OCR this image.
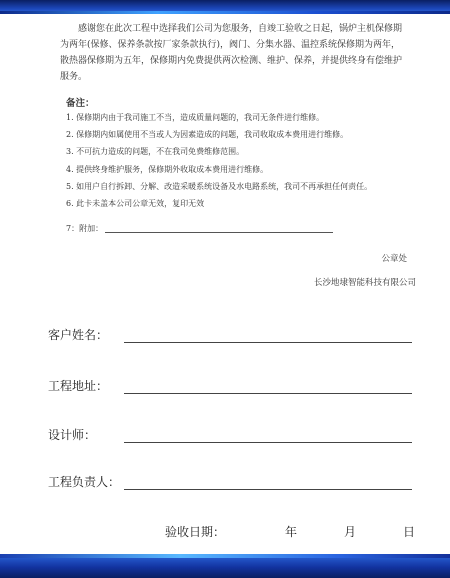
感谢您在此次工程中选择我们公司为您服务，自竣工验收之日起，锅炉主机保修期为两年(保修、保养条款按厂家条款执行)，阀门、分集水器、温控系统保修期为两年，散热器保修期为五年，保修期内免费提供两次检测、维护、保养，并提供终身有偿维护服务。

备注：

1. 保修期内由于我司施工不当，造成质量问题的，我司无条件进行维修。
2. 保修期内如属使用不当或人为因素造成的问题，我司收取成本费用进行维修。
3. 不可抗力造成的问题，不在我司免费维修范围。
4. 提供终身维护服务，保修期外收取成本费用进行维修。
5. 如用户自行拆卸、分解、改造采暖系统设备及水电路系统，我司不再承担任何责任。
6. 此卡未盖本公司公章无效，复印无效
7：附加：

公章处

长沙地埭智能科技有限公司

客户姓名：
工程地址：
设计师：
工程负责人：
验收日期：	年	月	日
